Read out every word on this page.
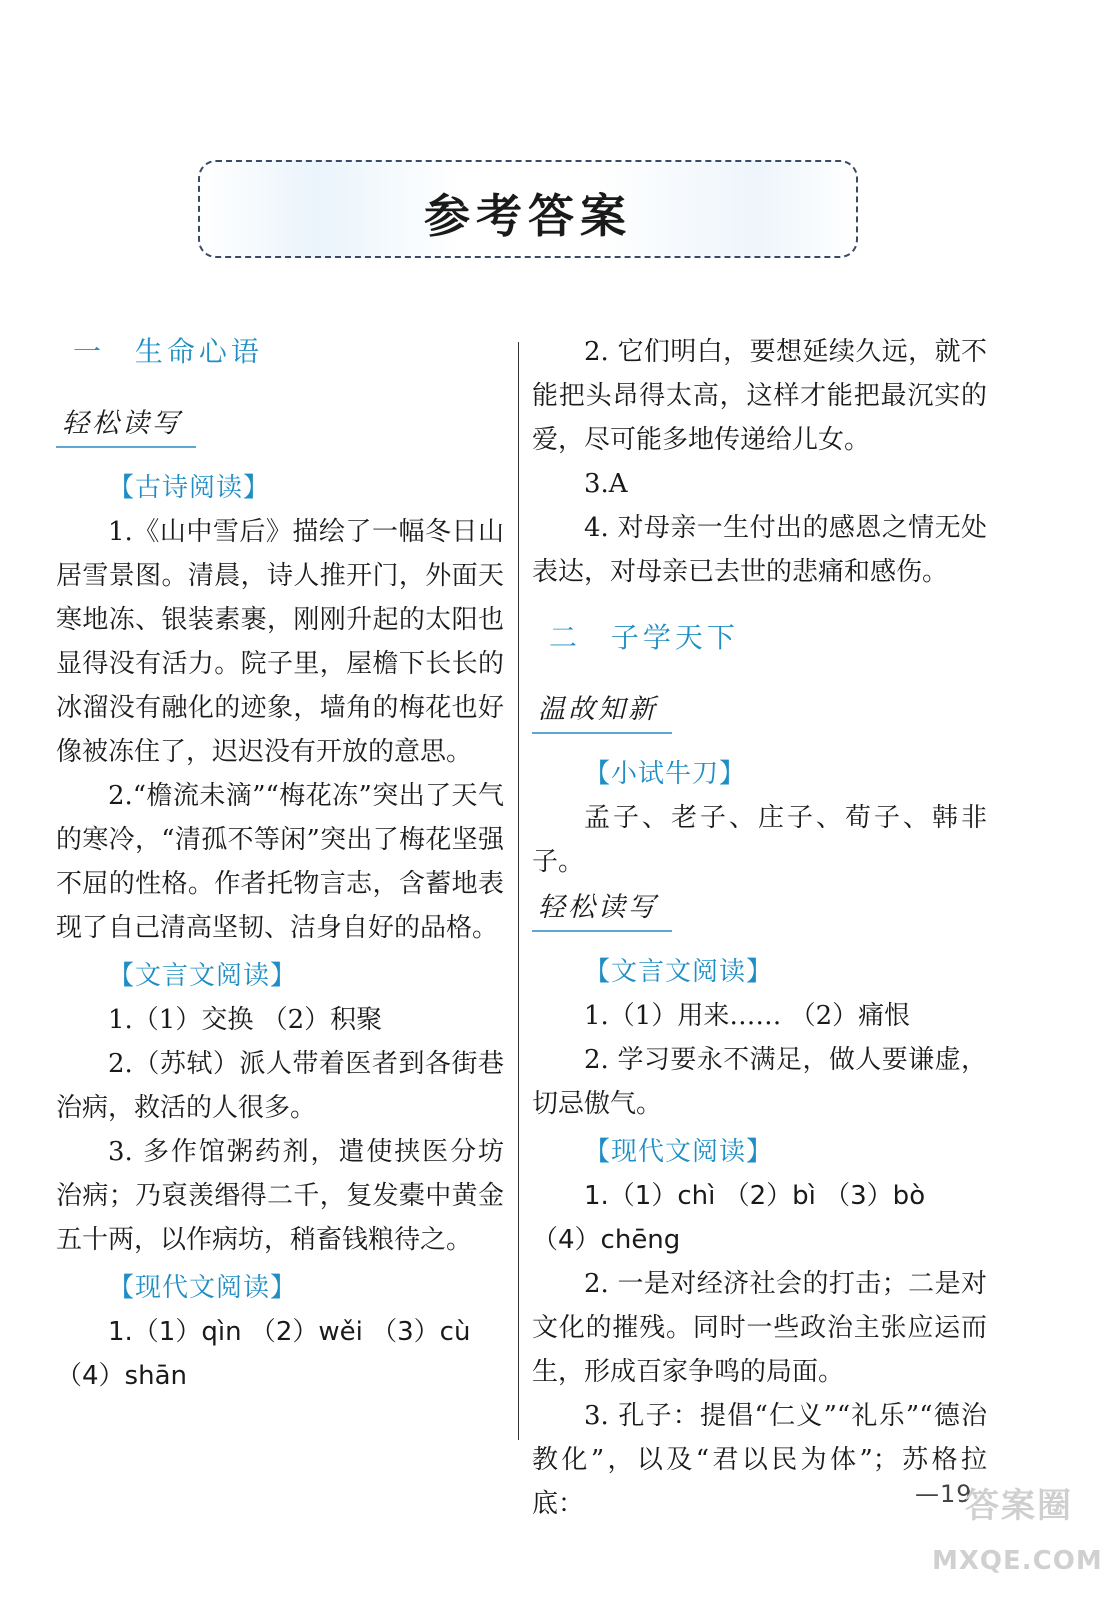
参考答案
一 生命心语
轻松读写
【古诗阅读】

1.《山中雪后》描绘了一幅冬日山居雪景图。清晨，诗人推开门，外面天寒地冻、银装素裹，刚刚升起的太阳也显得没有活力。院子里，屋檐下长长的冰溜没有融化的迹象，墙角的梅花也好像被冻住了，迟迟没有开放的意思。

2.“檐流未滴”“梅花冻”突出了天气的寒冷，“清孤不等闲”突出了梅花坚强不屈的性格。作者托物言志，含蓄地表现了自己清高坚韧、洁身自好的品格。

【文言文阅读】

1.（1）交换 （2）积聚

2.（苏轼）派人带着医者到各街巷治病，救活的人很多。

3. 多作馆粥药剂，遣使挟医分坊治病；乃裒羡缗得二千，复发橐中黄金五十两，以作病坊，稍畜钱粮待之。

【现代文阅读】

1.（1）qìn （2）wěi （3）cù

（4）shān

2. 它们明白，要想延续久远，就不能把头昂得太高，这样才能把最沉实的爱，尽可能多地传递给儿女。

3.A

4. 对母亲一生付出的感恩之情无处表达，对母亲已去世的悲痛和感伤。

二 子学天下
温故知新
【小试牛刀】

孟子、老子、庄子、荀子、韩非子。

轻松读写
【文言文阅读】

1.（1）用来…… （2）痛恨

2. 学习要永不满足，做人要谦虚，切忌傲气。

【现代文阅读】

1.（1）chì （2）bì （3）bò

（4）chēng

2. 一是对经济社会的打击；二是对文化的摧残。同时一些政治主张应运而生，形成百家争鸣的局面。

3. 孔子：提倡“仁义”“礼乐”“德治教化”，以及“君以民为体”；苏格拉底：	—19
答案圈
MXQE.COM
